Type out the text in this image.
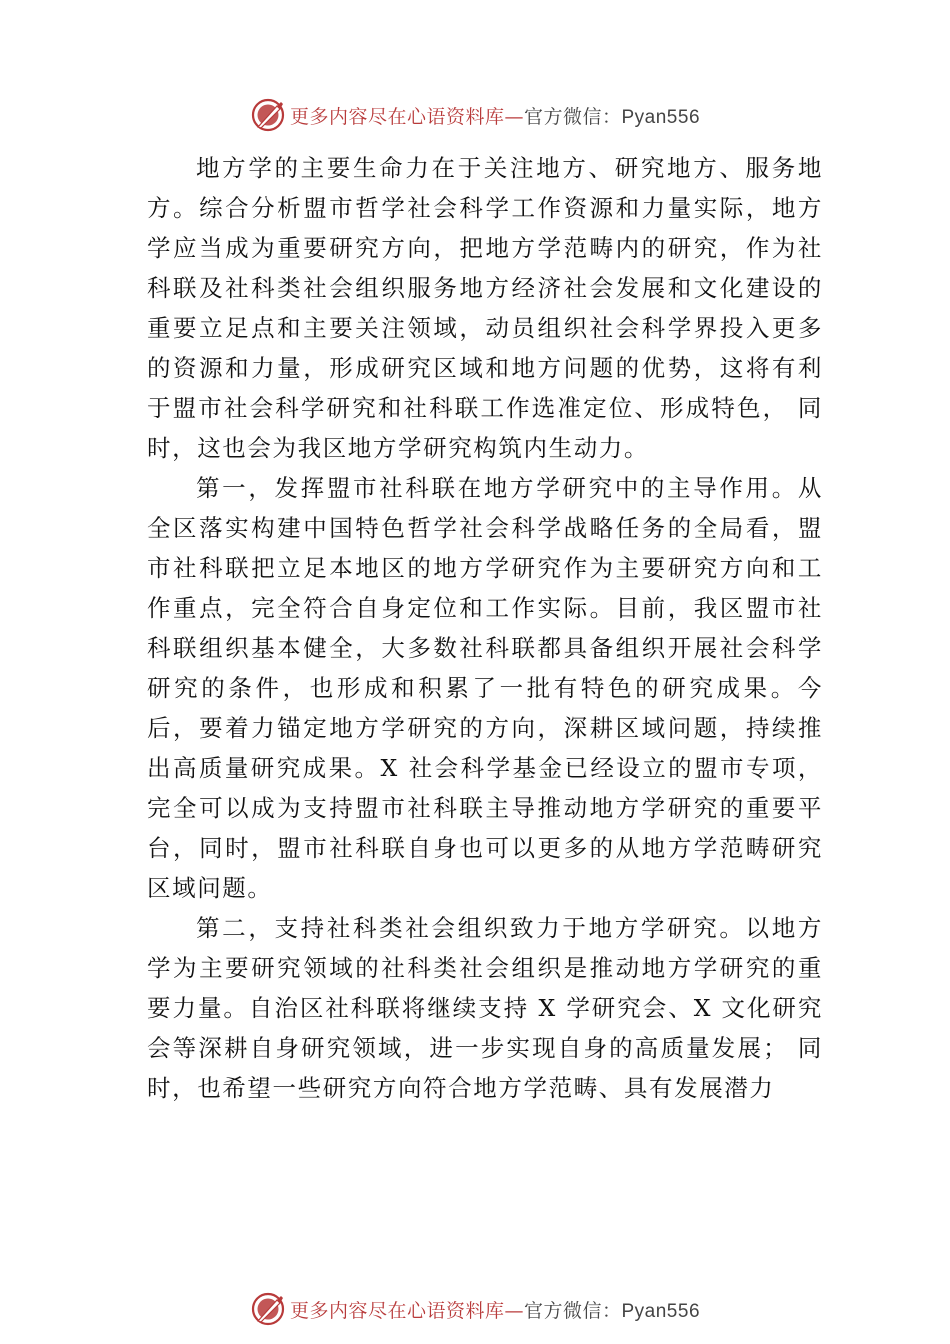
更多内容尽在心语资料库—官方微信：Pyan556

地方学的主要生命力在于关注地方、研究地方、服务地方。综合分析盟市哲学社会科学工作资源和力量实际，地方学应当成为重要研究方向，把地方学范畴内的研究，作为社科联及社科类社会组织服务地方经济社会发展和文化建设的重要立足点和主要关注领域，动员组织社会科学界投入更多的资源和力量，形成研究区域和地方问题的优势，这将有利于盟市社会科学研究和社科联工作选准定位、形成特色， 同时，这也会为我区地方学研究构筑内生动力。

第一，发挥盟市社科联在地方学研究中的主导作用。从全区落实构建中国特色哲学社会科学战略任务的全局看，盟市社科联把立足本地区的地方学研究作为主要研究方向和工作重点，完全符合自身定位和工作实际。目前，我区盟市社科联组织基本健全，大多数社科联都具备组织开展社会科学研究的条件，也形成和积累了一批有特色的研究成果。今后，要着力锚定地方学研究的方向，深耕区域问题，持续推出高质量研究成果。X 社会科学基金已经设立的盟市专项，完全可以成为支持盟市社科联主导推动地方学研究的重要平台，同时，盟市社科联自身也可以更多的从地方学范畴研究区域问题。

第二，支持社科类社会组织致力于地方学研究。以地方学为主要研究领域的社科类社会组织是推动地方学研究的重要力量。自治区社科联将继续支持 X 学研究会、X 文化研究会等深耕自身研究领域，进一步实现自身的高质量发展； 同时，也希望一些研究方向符合地方学范畴、具有发展潜力

更多内容尽在心语资料库—官方微信：Pyan556
